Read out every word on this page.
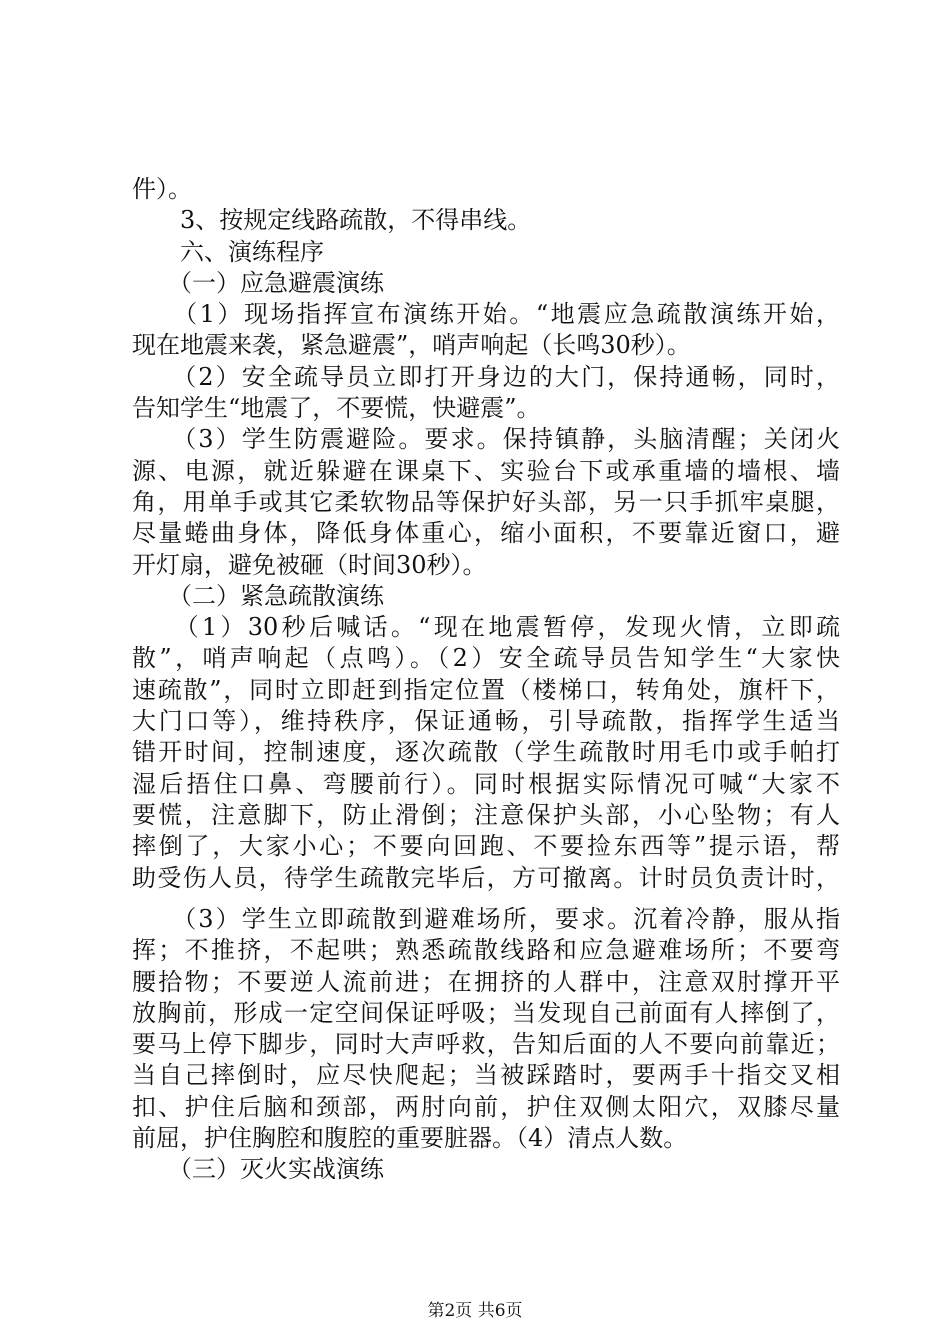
件）。
　　3、按规定线路疏散，不得串线。
　　六、演练程序
　　（一）应急避震演练
　　（1）现场指挥宣布演练开始。“地震应急疏散演练开始，
现在地震来袭，紧急避震”，哨声响起（长鸣30秒）。
　　（2）安全疏导员立即打开身边的大门，保持通畅，同时，
告知学生“地震了，不要慌，快避震”。
　　（3）学生防震避险。要求。保持镇静，头脑清醒；关闭火
源、电源，就近躲避在课桌下、实验台下或承重墙的墙根、墙
角，用单手或其它柔软物品等保护好头部，另一只手抓牢桌腿，
尽量蜷曲身体，降低身体重心，缩小面积，不要靠近窗口，避
开灯扇，避免被砸（时间30秒）。
　　（二）紧急疏散演练
　　（1）30秒后喊话。“现在地震暂停，发现火情，立即疏
散”，哨声响起（点鸣）。（2）安全疏导员告知学生“大家快
速疏散”，同时立即赶到指定位置（楼梯口，转角处，旗杆下，
大门口等），维持秩序，保证通畅，引导疏散，指挥学生适当
错开时间，控制速度，逐次疏散（学生疏散时用毛巾或手帕打
湿后捂住口鼻、弯腰前行）。同时根据实际情况可喊“大家不
要慌，注意脚下，防止滑倒；注意保护头部，小心坠物；有人
摔倒了，大家小心；不要向回跑、不要捡东西等”提示语，帮
助受伤人员，待学生疏散完毕后，方可撤离。计时员负责计时，
　　（3）学生立即疏散到避难场所，要求。沉着冷静，服从指
挥；不推挤，不起哄；熟悉疏散线路和应急避难场所；不要弯
腰拾物；不要逆人流前进；在拥挤的人群中，注意双肘撑开平
放胸前，形成一定空间保证呼吸；当发现自己前面有人摔倒了，
要马上停下脚步，同时大声呼救，告知后面的人不要向前靠近；
当自己摔倒时，应尽快爬起；当被踩踏时，要两手十指交叉相
扣、护住后脑和颈部，两肘向前，护住双侧太阳穴，双膝尽量
前屈，护住胸腔和腹腔的重要脏器。（4）清点人数。
　　（三）灭火实战演练
第2页 共6页
